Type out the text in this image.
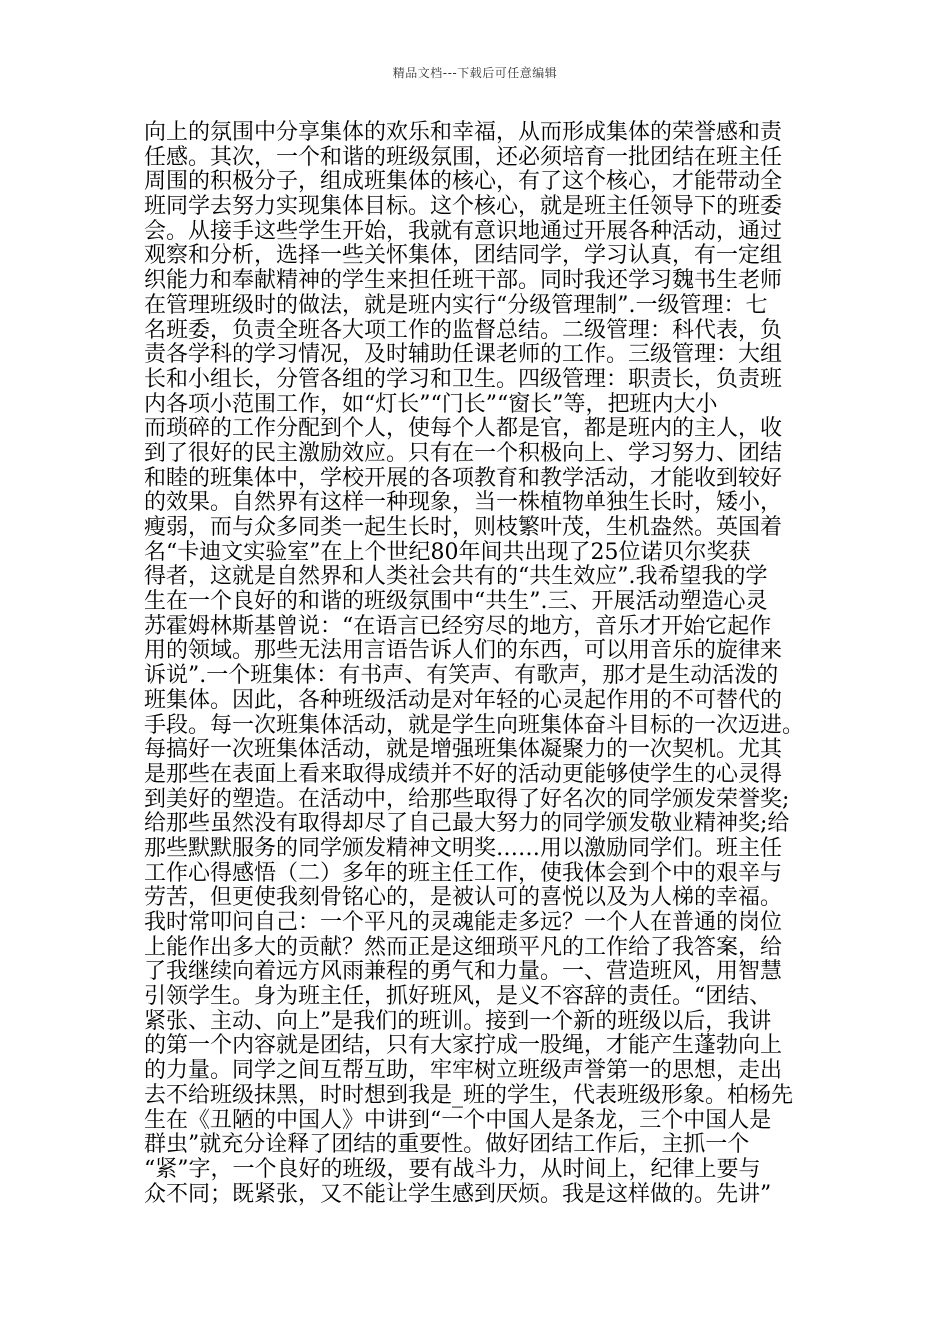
精品文档---下载后可任意编辑
向上的氛围中分享集体的欢乐和幸福，从而形成集体的荣誉感和责
任感。其次，一个和谐的班级氛围，还必须培育一批团结在班主任
周围的积极分子，组成班集体的核心，有了这个核心，才能带动全
班同学去努力实现集体目标。这个核心，就是班主任领导下的班委
会。从接手这些学生开始，我就有意识地通过开展各种活动，通过
观察和分析，选择一些关怀集体，团结同学，学习认真，有一定组
织能力和奉献精神的学生来担任班干部。同时我还学习魏书生老师
在管理班级时的做法，就是班内实行“分级管理制”.一级管理：七
名班委，负责全班各大项工作的监督总结。二级管理：科代表，负
责各学科的学习情况，及时辅助任课老师的工作。三级管理：大组
长和小组长，分管各组的学习和卫生。四级管理：职责长，负责班
内各项小范围工作，如“灯长”“门长”“窗长”等，把班内大小
而琐碎的工作分配到个人，使每个人都是官，都是班内的主人，收
到了很好的民主激励效应。只有在一个积极向上、学习努力、团结
和睦的班集体中，学校开展的各项教育和教学活动，才能收到较好
的效果。自然界有这样一种现象，当一株植物单独生长时，矮小，
瘦弱，而与众多同类一起生长时，则枝繁叶茂，生机盎然。英国着
名“卡迪文实验室”在上个世纪80年间共出现了25位诺贝尔奖获
得者，这就是自然界和人类社会共有的“共生效应”.我希望我的学
生在一个良好的和谐的班级氛围中“共生”.三、开展活动塑造心灵
苏霍姆林斯基曾说：“在语言已经穷尽的地方，音乐才开始它起作
用的领域。那些无法用言语告诉人们的东西，可以用音乐的旋律来
诉说”.一个班集体：有书声、有笑声、有歌声，那才是生动活泼的
班集体。因此，各种班级活动是对年轻的心灵起作用的不可替代的
手段。每一次班集体活动，就是学生向班集体奋斗目标的一次迈进。
每搞好一次班集体活动，就是增强班集体凝聚力的一次契机。尤其
是那些在表面上看来取得成绩并不好的活动更能够使学生的心灵得
到美好的塑造。在活动中，给那些取得了好名次的同学颁发荣誉奖;
给那些虽然没有取得却尽了自己最大努力的同学颁发敬业精神奖;给
那些默默服务的同学颁发精神文明奖……用以激励同学们。班主任
工作心得感悟（二）多年的班主任工作，使我体会到个中的艰辛与
劳苦，但更使我刻骨铭心的，是被认可的喜悦以及为人梯的幸福。
我时常叩问自己：一个平凡的灵魂能走多远？一个人在普通的岗位
上能作出多大的贡献？然而正是这细琐平凡的工作给了我答案，给
了我继续向着远方风雨兼程的勇气和力量。一、营造班风，用智慧
引领学生。身为班主任，抓好班风，是义不容辞的责任。“团结、
紧张、主动、向上”是我们的班训。接到一个新的班级以后，我讲
的第一个内容就是团结，只有大家拧成一股绳，才能产生蓬勃向上
的力量。同学之间互帮互助，牢牢树立班级声誉第一的思想，走出
去不给班级抹黑，时时想到我是_班的学生，代表班级形象。柏杨先
生在《丑陋的中国人》中讲到“一个中国人是条龙，三个中国人是
群虫”就充分诠释了团结的重要性。做好团结工作后，主抓一个
“紧”字，一个良好的班级，要有战斗力，从时间上，纪律上要与
众不同；既紧张，又不能让学生感到厌烦。我是这样做的。先讲”
